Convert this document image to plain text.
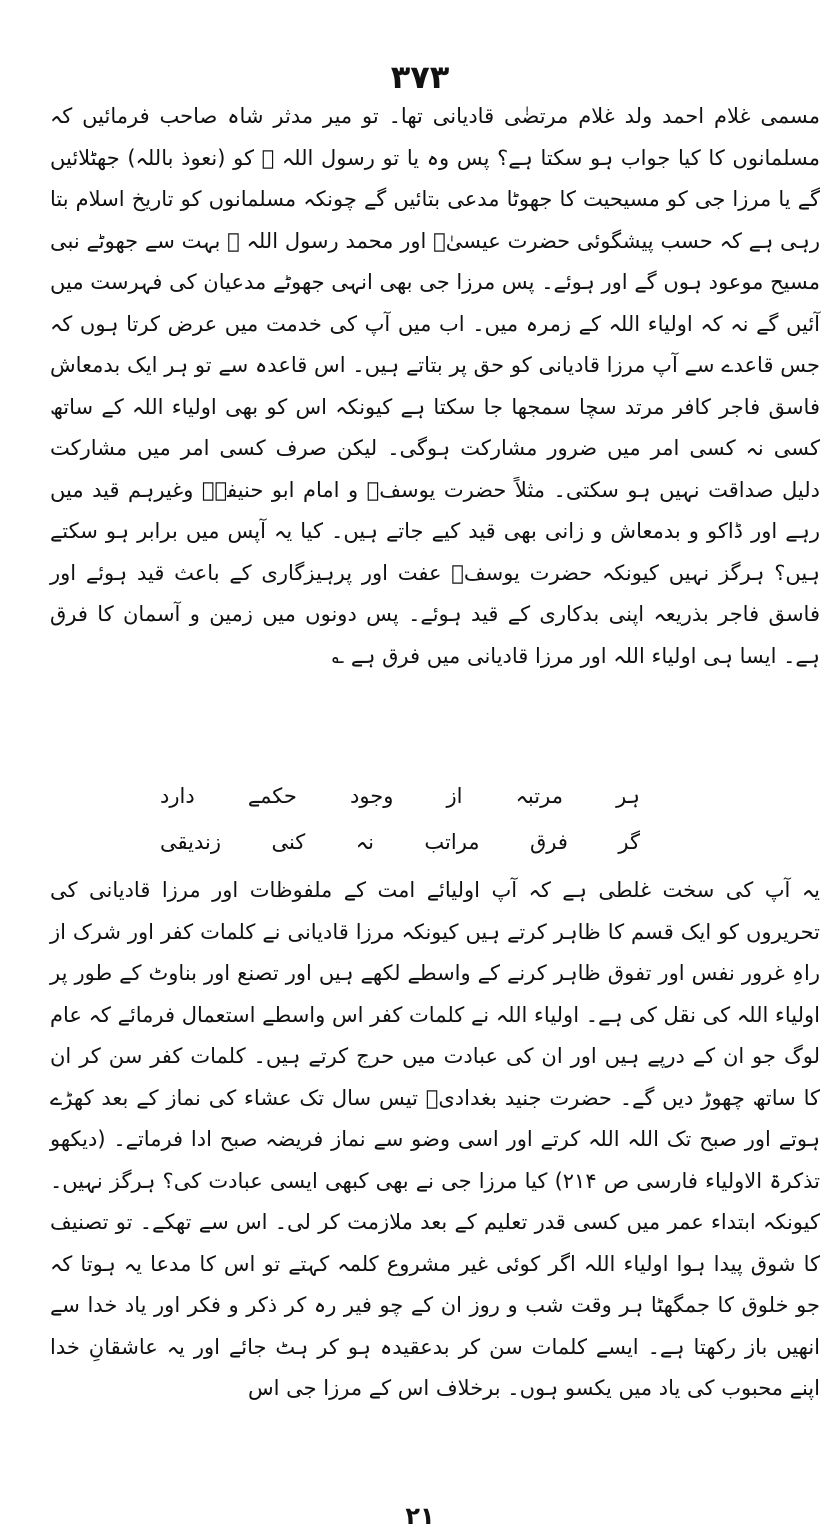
۳۷۳
مسمی غلام احمد ولد غلام مرتضٰی قادیانی تھا۔ تو میر مدثر شاہ صاحب فرمائیں کہ مسلمانوں کا کیا جواب ہو سکتا ہے؟ پس وہ یا تو رسول اللہ ﷺ کو (نعوذ باللہ) جھٹلائیں گے یا مرزا جی کو مسیحیت کا جھوٹا مدعی بتائیں گے چونکہ مسلمانوں کو تاریخ اسلام بتا رہی ہے کہ حسب پیشگوئی حضرت عیسیٰؑ اور محمد رسول اللہ ﷺ بہت سے جھوٹے نبی مسیح موعود ہوں گے اور ہوئے۔ پس مرزا جی بھی انہی جھوٹے مدعیان کی فہرست میں آئیں گے نہ کہ اولیاء اللہ کے زمرہ میں۔ اب میں آپ کی خدمت میں عرض کرتا ہوں کہ جس قاعدے سے آپ مرزا قادیانی کو حق پر بتاتے ہیں۔ اس قاعدہ سے تو ہر ایک بدمعاش فاسق فاجر کافر مرتد سچا سمجھا جا سکتا ہے کیونکہ اس کو بھی اولیاء اللہ کے ساتھ کسی نہ کسی امر میں ضرور مشارکت ہوگی۔ لیکن صرف کسی امر میں مشارکت دلیل صداقت نہیں ہو سکتی۔ مثلاً حضرت یوسفؑ و امام ابو حنیفہؒ وغیرہم قید میں رہے اور ڈاکو و بدمعاش و زانی بھی قید کیے جاتے ہیں۔ کیا یہ آپس میں برابر ہو سکتے ہیں؟ ہرگز نہیں کیونکہ حضرت یوسفؑ عفت اور پرہیزگاری کے باعث قید ہوئے اور فاسق فاجر بذریعہ اپنی بدکاری کے قید ہوئے۔ پس دونوں میں زمین و آسمان کا فرق ہے۔ ایسا ہی اولیاء اللہ اور مرزا قادیانی میں فرق ہے ؎
ہر
مرتبہ
از
وجود
حکمے
دارد
گر
فرق
مراتب
نہ
کنی
زندیقی
یہ آپ کی سخت غلطی ہے کہ آپ اولیائے امت کے ملفوظات اور مرزا قادیانی کی تحریروں کو ایک قسم کا ظاہر کرتے ہیں کیونکہ مرزا قادیانی نے کلمات کفر اور شرک از راہِ غرور نفس اور تفوق ظاہر کرنے کے واسطے لکھے ہیں اور تصنع اور بناوٹ کے طور پر اولیاء اللہ کی نقل کی ہے۔ اولیاء اللہ نے کلمات کفر اس واسطے استعمال فرمائے کہ عام لوگ جو ان کے درپے ہیں اور ان کی عبادت میں حرج کرتے ہیں۔ کلمات کفر سن کر ان کا ساتھ چھوڑ دیں گے۔ حضرت جنید بغدادیؒ تیس سال تک عشاء کی نماز کے بعد کھڑے ہوتے اور صبح تک اللہ اللہ کرتے اور اسی وضو سے نماز فریضہ صبح ادا فرماتے۔ (دیکھو تذکرۃ الاولیاء فارسی ص ۲۱۴) کیا مرزا جی نے بھی کبھی ایسی عبادت کی؟ ہرگز نہیں۔ کیونکہ ابتداء عمر میں کسی قدر تعلیم کے بعد ملازمت کر لی۔ اس سے تھکے۔ تو تصنیف کا شوق پیدا ہوا اولیاء اللہ اگر کوئی غیر مشروع کلمہ کہتے تو اس کا مدعا یہ ہوتا کہ جو خلوق کا جمگھٹا ہر وقت شب و روز ان کے چو فیر رہ کر ذکر و فکر اور یاد خدا سے انھیں باز رکھتا ہے۔ ایسے کلمات سن کر بدعقیدہ ہو کر ہٹ جائے اور یہ عاشقانِ خدا اپنے محبوب کی یاد میں یکسو ہوں۔ برخلاف اس کے مرزا جی اس
۲۱
